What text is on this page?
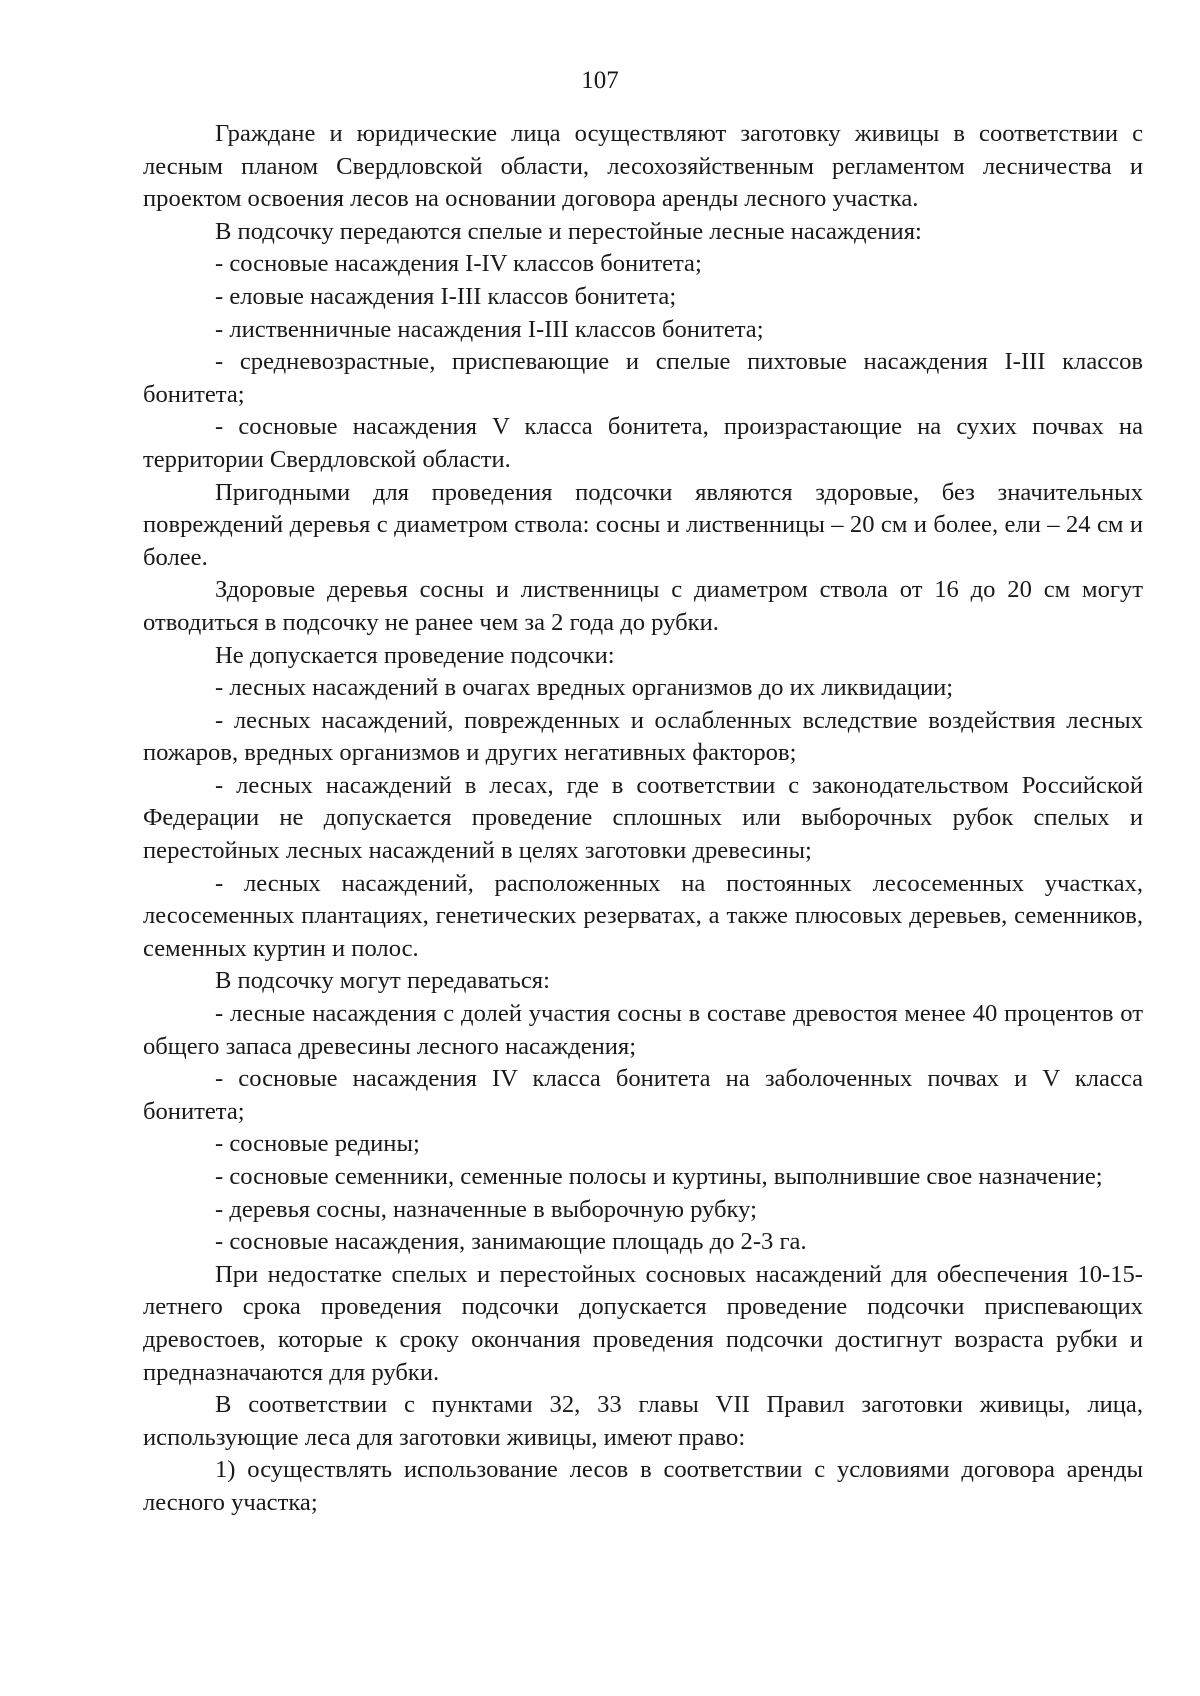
107

Граждане и юридические лица осуществляют заготовку живицы в соответствии с лесным планом Свердловской области, лесохозяйственным регламентом лесничества и проектом освоения лесов на основании договора аренды лесного участка.

В подсочку передаются спелые и перестойные лесные насаждения:

- сосновые насаждения I-IV классов бонитета;

- еловые насаждения I-III классов бонитета;

- лиственничные насаждения I-III классов бонитета;

- средневозрастные, приспевающие и спелые пихтовые насаждения I-III классов бонитета;

- сосновые насаждения V класса бонитета, произрастающие на сухих почвах на территории Свердловской области.

Пригодными для проведения подсочки являются здоровые, без значительных повреждений деревья с диаметром ствола: сосны и лиственницы – 20 см и более, ели – 24 см и более.

Здоровые деревья сосны и лиственницы с диаметром ствола от 16 до 20 см могут отводиться в подсочку не ранее чем за 2 года до рубки.

Не допускается проведение подсочки:

- лесных насаждений в очагах вредных организмов до их ликвидации;

- лесных насаждений, поврежденных и ослабленных вследствие воздействия лесных пожаров, вредных организмов и других негативных факторов;

- лесных насаждений в лесах, где в соответствии с законодательством Российской Федерации не допускается проведение сплошных или выборочных рубок спелых и перестойных лесных насаждений в целях заготовки древесины;

- лесных насаждений, расположенных на постоянных лесосеменных участках, лесосеменных плантациях, генетических резерватах, а также плюсовых деревьев, семенников, семенных куртин и полос.

В подсочку могут передаваться:

- лесные насаждения с долей участия сосны в составе древостоя менее 40 процентов от общего запаса древесины лесного насаждения;

- сосновые насаждения IV класса бонитета на заболоченных почвах и V класса бонитета;

- сосновые редины;

- сосновые семенники, семенные полосы и куртины, выполнившие свое назначение;

- деревья сосны, назначенные в выборочную рубку;

- сосновые насаждения, занимающие площадь до 2-3 га.

При недостатке спелых и перестойных сосновых насаждений для обеспечения 10-15-летнего срока проведения подсочки допускается проведение подсочки приспевающих древостоев, которые к сроку окончания проведения подсочки достигнут возраста рубки и предназначаются для рубки.

В соответствии с пунктами 32, 33 главы VII Правил заготовки живицы, лица, использующие леса для заготовки живицы, имеют право:

1) осуществлять использование лесов в соответствии с условиями договора аренды лесного участка;
